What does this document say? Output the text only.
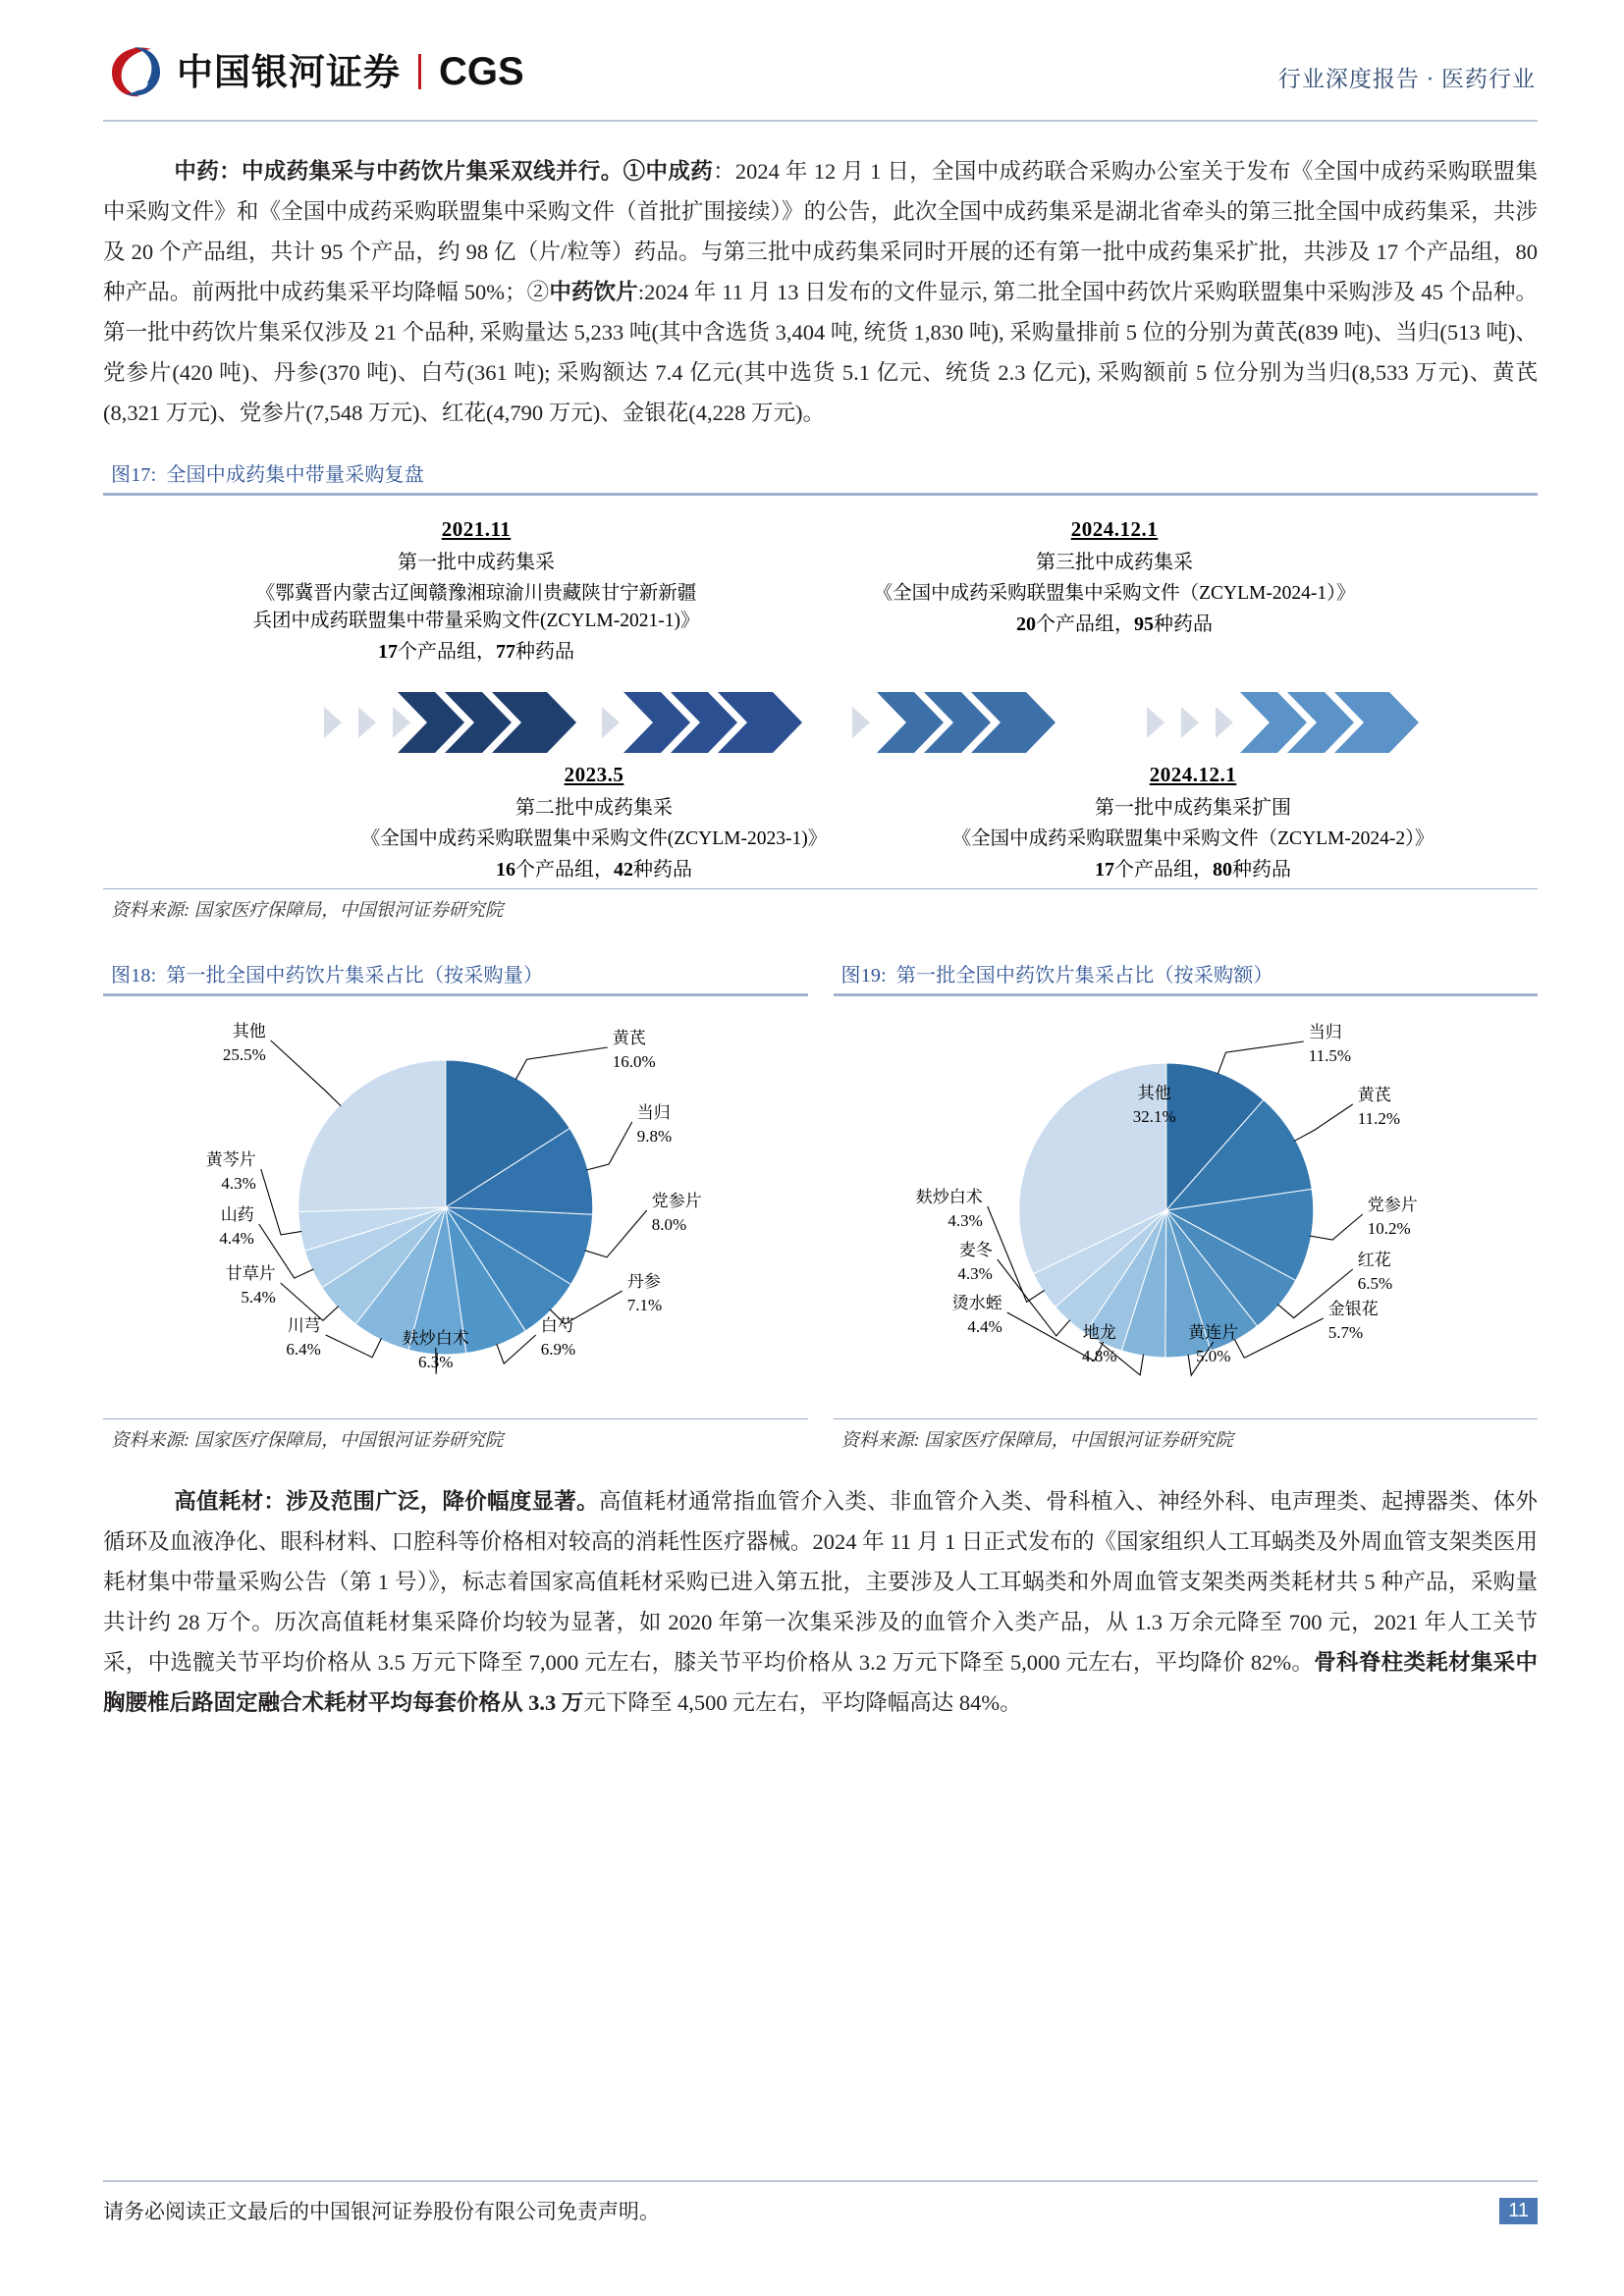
中国银河证券 CGS	行业深度报告 · 医药行业
中药：中成药集采与中药饮片集采双线并行。①中成药：2024 年 12 月 1 日，全国中成药联合采购办公室关于发布《全国中成药采购联盟集中采购文件》和《全国中成药采购联盟集中采购文件（首批扩围接续）》的公告，此次全国中成药集采是湖北省牵头的第三批全国中成药集采，共涉及 20 个产品组，共计 95 个产品，约 98 亿（片/粒等）药品。与第三批中成药集采同时开展的还有第一批中成药集采扩批，共涉及 17 个产品组，80 种产品。前两批中成药集采平均降幅 50%；②中药饮片:2024 年 11 月 13 日发布的文件显示, 第二批全国中药饮片采购联盟集中采购涉及 45 个品种。第一批中药饮片集采仅涉及 21 个品种, 采购量达 5,233 吨(其中含选货 3,404 吨, 统货 1,830 吨), 采购量排前 5 位的分别为黄芪(839 吨)、当归(513 吨)、党参片(420 吨)、丹参(370 吨)、白芍(361 吨); 采购额达 7.4 亿元(其中选货 5.1 亿元、统货 2.3 亿元), 采购额前 5 位分别为当归(8,533 万元)、黄芪(8,321 万元)、党参片(7,548 万元)、红花(4,790 万元)、金银花(4,228 万元)。
图17: 全国中成药集中带量采购复盘
2021.11
第一批中成药集采
《鄂冀晋内蒙古辽闽赣豫湘琼渝川贵藏陕甘宁新新疆
兵团中成药联盟集中带量采购文件(ZCYLM-2021-1)》
17个产品组，77种药品
2024.12.1
第三批中成药集采
《全国中成药采购联盟集中采购文件（ZCYLM-2024-1）》
20个产品组，95种药品
2023.5
第二批中成药集采
《全国中成药采购联盟集中采购文件(ZCYLM-2023-1)》
16个产品组，42种药品
2024.12.1
第一批中成药集采扩围
《全国中成药采购联盟集中采购文件（ZCYLM-2024-2）》
17个产品组，80种药品
资料来源: 国家医疗保障局，中国银河证券研究院
图18: 第一批全国中药饮片集采占比（按采购量）
黄芪
16.0%
当归
9.8%
党参片
8.0%
丹参
7.1%
白芍
6.9%
麸炒白术
6.3%
川芎
6.4%
甘草片
5.4%
山药
4.4%
黄芩片
4.3%
其他
25.5%
资料来源: 国家医疗保障局，中国银河证券研究院
图19: 第一批全国中药饮片集采占比（按采购额）
当归
11.5%
黄芪
11.2%
党参片
10.2%
红花
6.5%
金银花
5.7%
黄连片
5.0%
地龙
4.8%
烫水蛭
4.4%
麦冬
4.3%
麸炒白术
4.3%
其他
32.1%
资料来源: 国家医疗保障局，中国银河证券研究院
高值耗材：涉及范围广泛，降价幅度显著。高值耗材通常指血管介入类、非血管介入类、骨科植入、神经外科、电声理类、起搏器类、体外循环及血液净化、眼科材料、口腔科等价格相对较高的消耗性医疗器械。2024 年 11 月 1 日正式发布的《国家组织人工耳蜗类及外周血管支架类医用耗材集中带量采购公告（第 1 号）》，标志着国家高值耗材采购已进入第五批，主要涉及人工耳蜗类和外周血管支架类两类耗材共 5 种产品，采购量共计约 28 万个。历次高值耗材集采降价均较为显著，如 2020 年第一次集采涉及的血管介入类产品，从 1.3 万余元降至 700 元，2021 年人工关节采，中选髋关节平均价格从 3.5 万元下降至 7,000 元左右，膝关节平均价格从 3.2 万元下降至 5,000 元左右，平均降价 82%。骨科脊柱类耗材集采中胸腰椎后路固定融合术耗材平均每套价格从 3.3 万元下降至 4,500 元左右，平均降幅高达 84%。
请务必阅读正文最后的中国银河证券股份有限公司免责声明。	11
